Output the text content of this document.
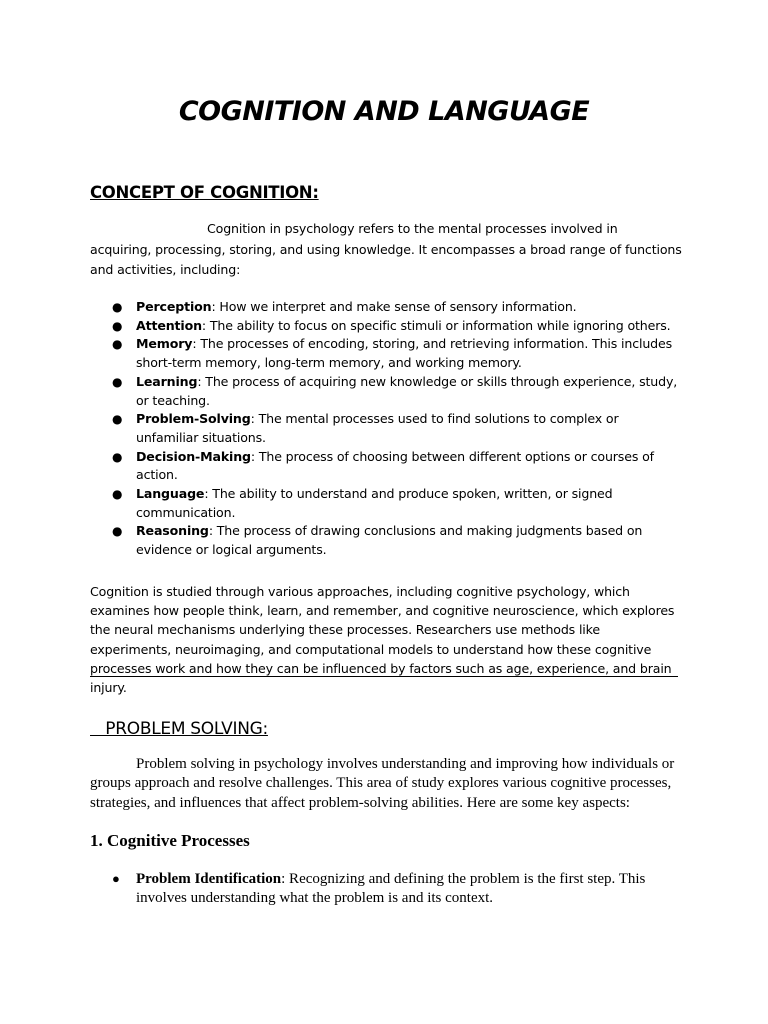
COGNITION AND LANGUAGE
CONCEPT OF COGNITION:
Cognition in psychology refers to the mental processes involved in acquiring, processing, storing, and using knowledge. It encompasses a broad range of functions and activities, including:
● Perception: How we interpret and make sense of sensory information.
● Attention: The ability to focus on specific stimuli or information while ignoring others.
● Memory: The processes of encoding, storing, and retrieving information. This includes short-term memory, long-term memory, and working memory.
● Learning: The process of acquiring new knowledge or skills through experience, study, or teaching.
● Problem-Solving: The mental processes used to find solutions to complex or unfamiliar situations.
● Decision-Making: The process of choosing between different options or courses of action.
● Language: The ability to understand and produce spoken, written, or signed communication.
● Reasoning: The process of drawing conclusions and making judgments based on evidence or logical arguments.
Cognition is studied through various approaches, including cognitive psychology, which examines how people think, learn, and remember, and cognitive neuroscience, which explores the neural mechanisms underlying these processes. Researchers use methods like experiments, neuroimaging, and computational models to understand how these cognitive processes work and how they can be influenced by factors such as age, experience, and brain injury.
PROBLEM SOLVING:
Problem solving in psychology involves understanding and improving how individuals or groups approach and resolve challenges. This area of study explores various cognitive processes, strategies, and influences that affect problem-solving abilities. Here are some key aspects:
1. Cognitive Processes
● Problem Identification: Recognizing and defining the problem is the first step. This involves understanding what the problem is and its context.
